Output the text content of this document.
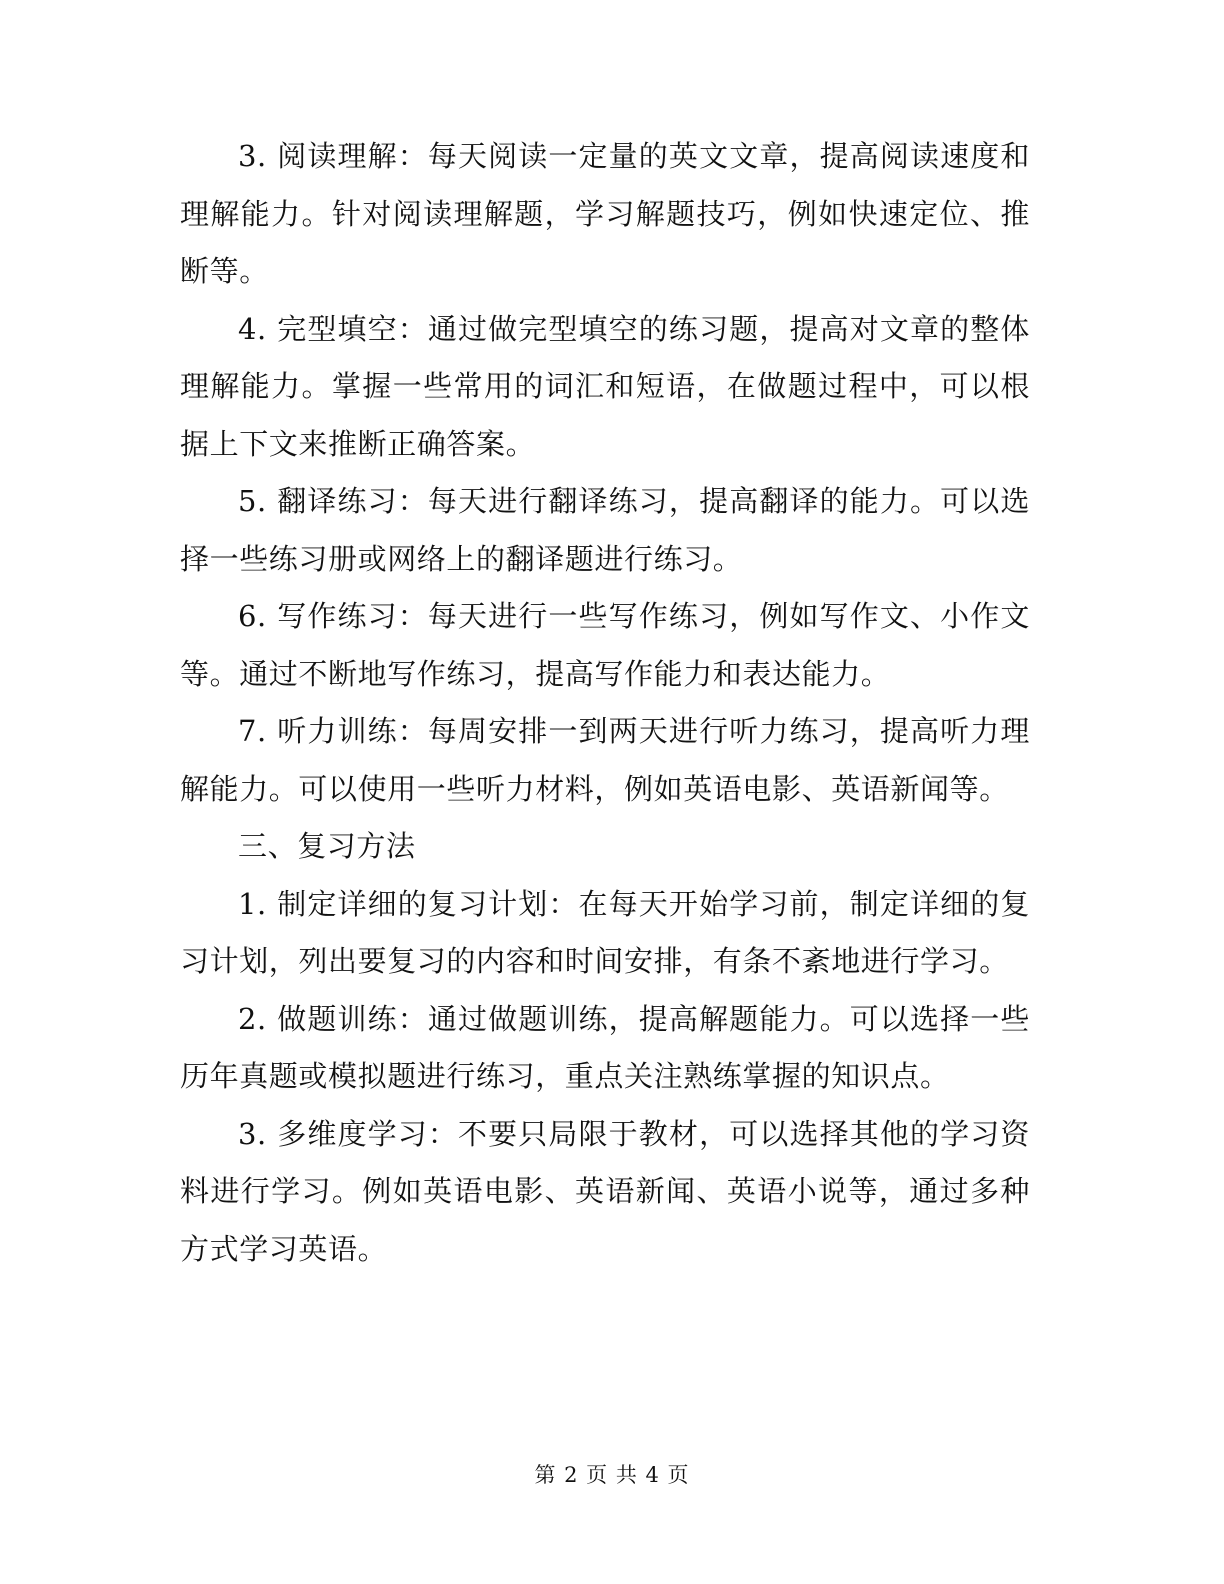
3. 阅读理解：每天阅读一定量的英文文章，提高阅读速度和理解能力。针对阅读理解题，学习解题技巧，例如快速定位、推断等。

4. 完型填空：通过做完型填空的练习题，提高对文章的整体理解能力。掌握一些常用的词汇和短语，在做题过程中，可以根据上下文来推断正确答案。

5. 翻译练习：每天进行翻译练习，提高翻译的能力。可以选择一些练习册或网络上的翻译题进行练习。

6. 写作练习：每天进行一些写作练习，例如写作文、小作文等。通过不断地写作练习，提高写作能力和表达能力。

7. 听力训练：每周安排一到两天进行听力练习，提高听力理解能力。可以使用一些听力材料，例如英语电影、英语新闻等。

三、复习方法

1. 制定详细的复习计划：在每天开始学习前，制定详细的复习计划，列出要复习的内容和时间安排，有条不紊地进行学习。

2. 做题训练：通过做题训练，提高解题能力。可以选择一些历年真题或模拟题进行练习，重点关注熟练掌握的知识点。

3. 多维度学习：不要只局限于教材，可以选择其他的学习资料进行学习。例如英语电影、英语新闻、英语小说等，通过多种方式学习英语。

第 2 页 共 4 页
